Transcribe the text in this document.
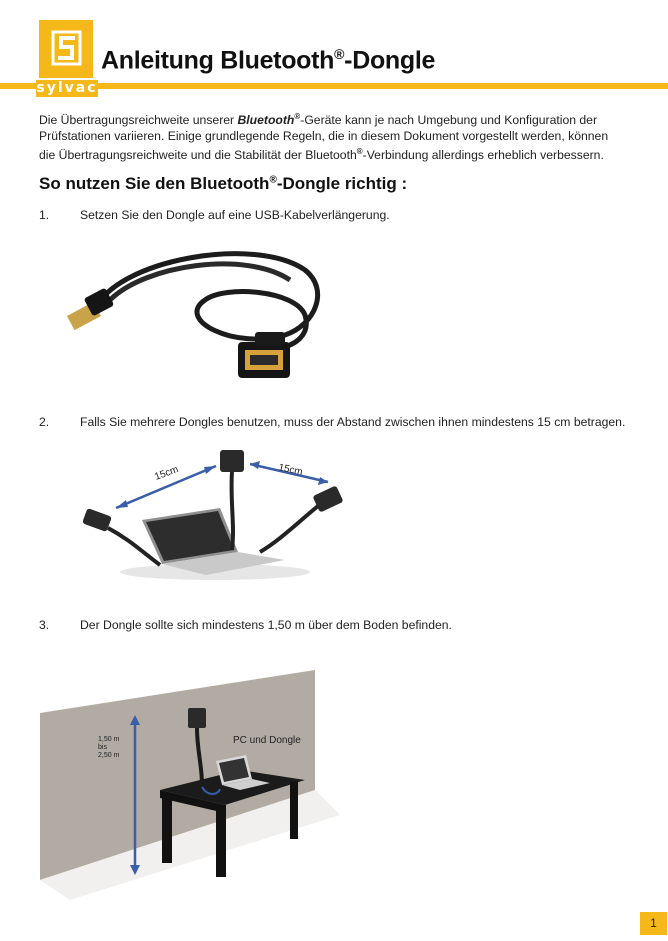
sylvac
Anleitung Bluetooth®-Dongle
Die Übertragungsreichweite unserer Bluetooth®-Geräte kann je nach Umgebung und Konfiguration der
Prüfstationen variieren. Einige grundlegende Regeln, die in diesem Dokument vorgestellt werden, können
die Übertragungsreichweite und die Stabilität der Bluetooth®-Verbindung allerdings erheblich verbessern.
So nutzen Sie den Bluetooth®-Dongle richtig :
1.	Setzen Sie den Dongle auf eine USB-Kabelverlängerung.
2.	Falls Sie mehrere Dongles benutzen, muss der Abstand zwischen ihnen mindestens 15 cm betragen.
15cm	15cm
3.	Der Dongle sollte sich mindestens 1,50 m über dem Boden befinden.
1,50 m
bis
2,50 m
PC und Dongle
1
